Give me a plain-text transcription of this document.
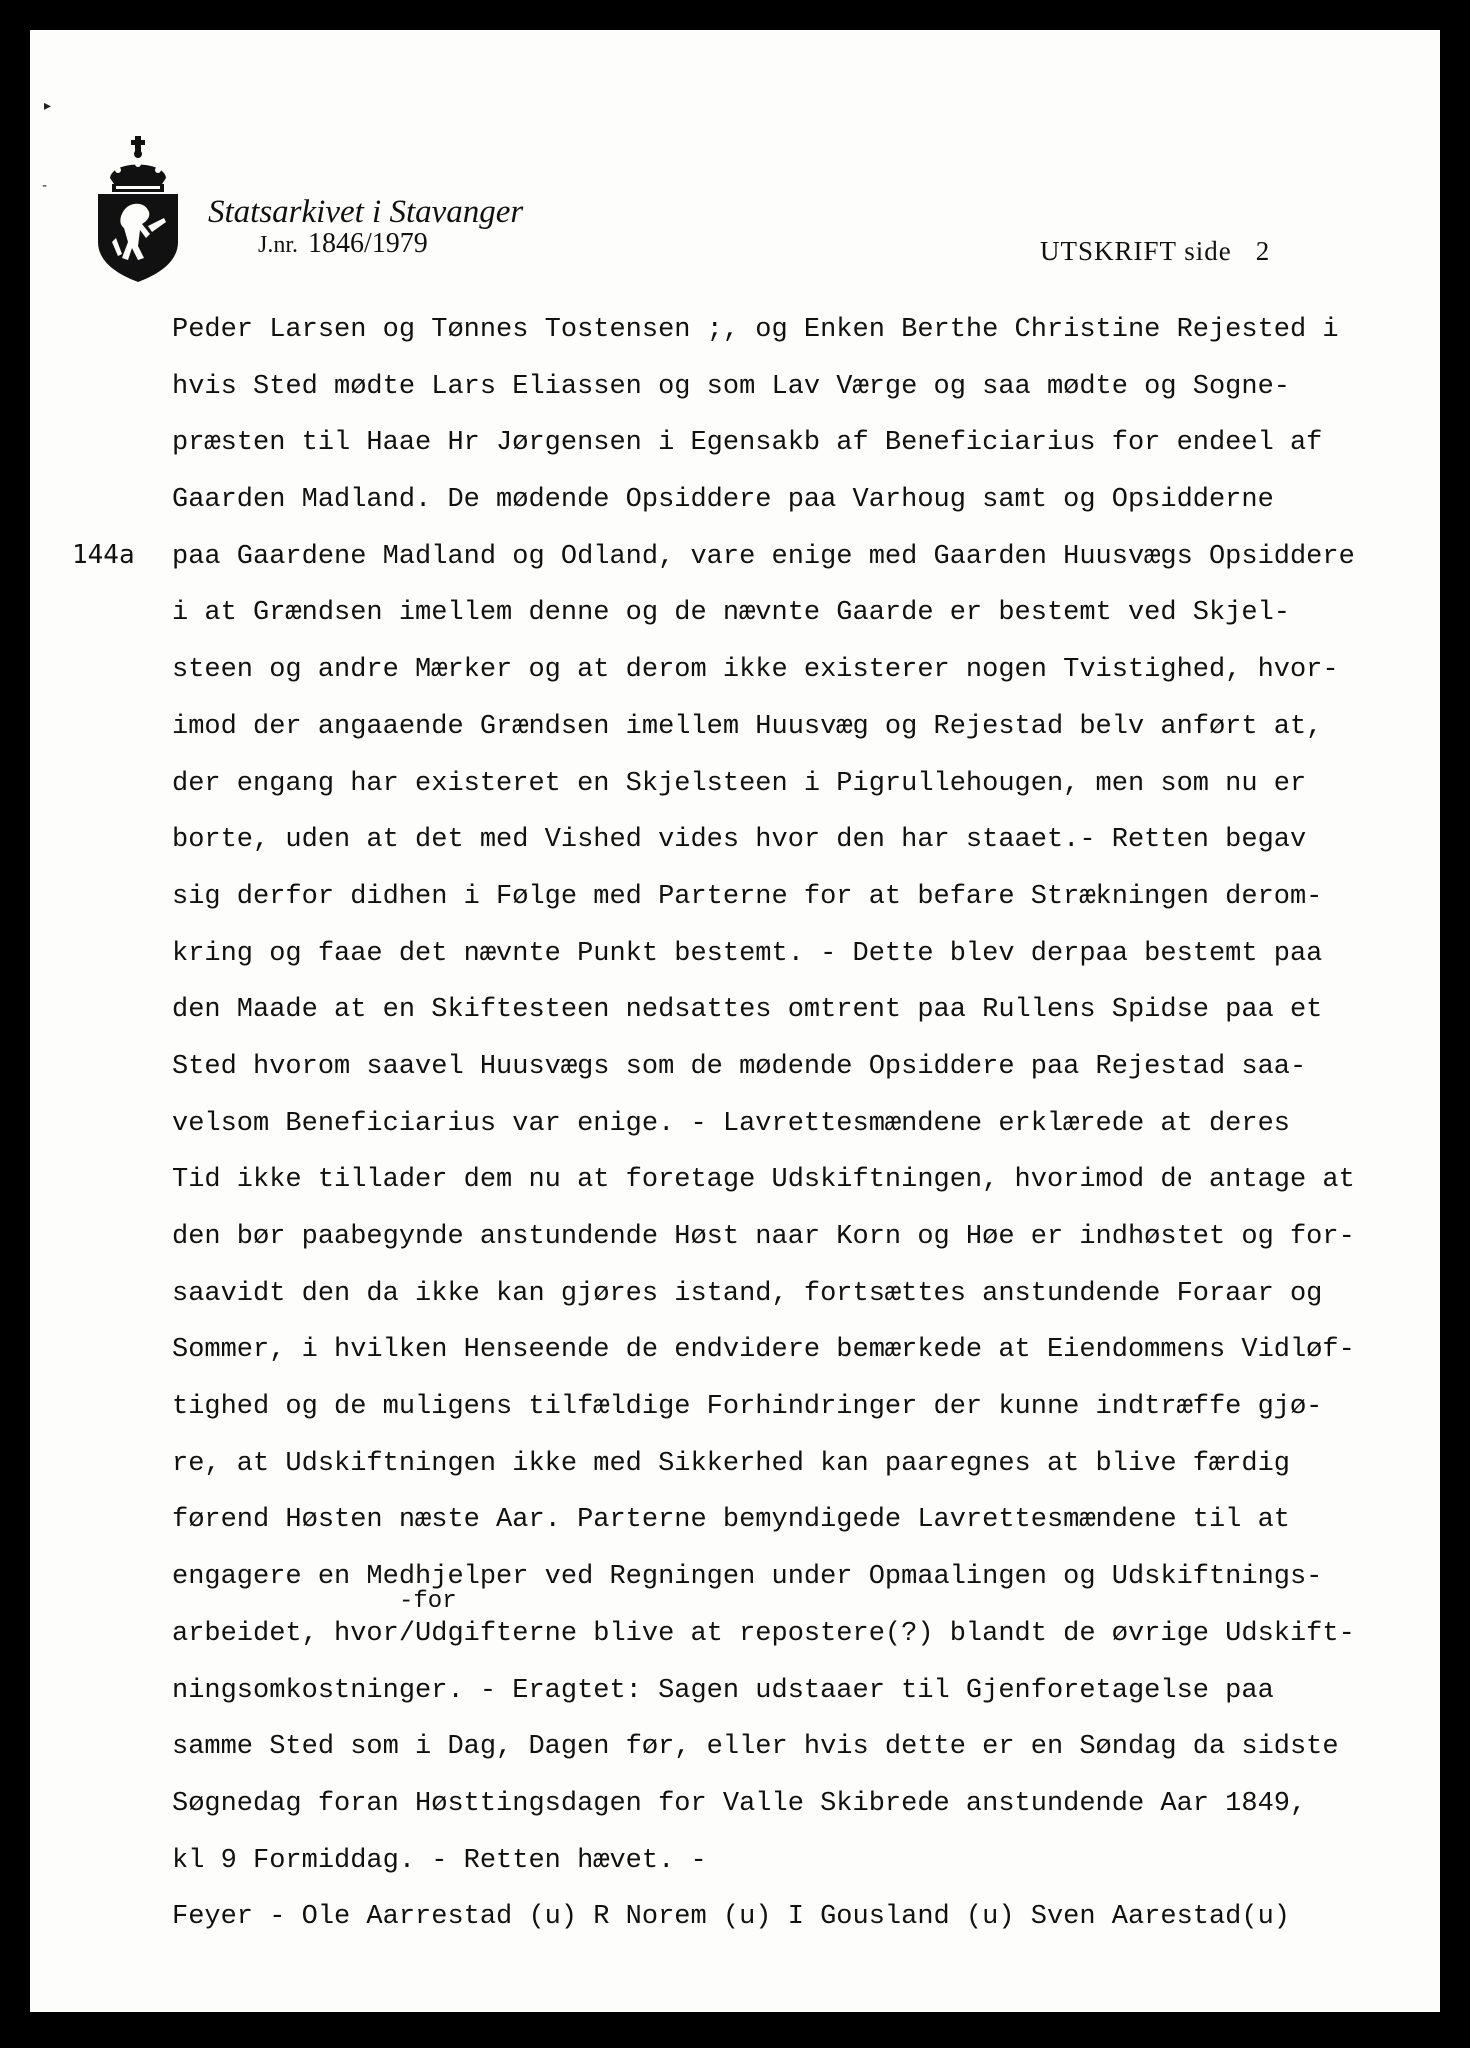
▸
-
Statsarkivet i Stavanger
J.nr. 1846/1979	UTSKRIFT side 2
144a
Peder Larsen og Tønnes Tostensen ;, og Enken Berthe Christine Rejested i
hvis Sted mødte Lars Eliassen og som Lav Værge og saa mødte og Sogne-
præsten til Haae Hr Jørgensen i Egensakb af Beneficiarius for endeel af
Gaarden Madland. De mødende Opsiddere paa Varhoug samt og Opsidderne
paa Gaardene Madland og Odland, vare enige med Gaarden Huusvægs Opsiddere
i at Grændsen imellem denne og de nævnte Gaarde er bestemt ved Skjel-
steen og andre Mærker og at derom ikke existerer nogen Tvistighed, hvor-
imod der angaaende Grændsen imellem Huusvæg og Rejestad belv anført at,
der engang har existeret en Skjelsteen i Pigrullehougen, men som nu er
borte, uden at det med Vished vides hvor den har staaet.- Retten begav
sig derfor didhen i Følge med Parterne for at befare Strækningen derom-
kring og faae det nævnte Punkt bestemt. - Dette blev derpaa bestemt paa
den Maade at en Skiftesteen nedsattes omtrent paa Rullens Spidse paa et
Sted hvorom saavel Huusvægs som de mødende Opsiddere paa Rejestad saa-
velsom Beneficiarius var enige. - Lavrettesmændene erklærede at deres
Tid ikke tillader dem nu at foretage Udskiftningen, hvorimod de antage at
den bør paabegynde anstundende Høst naar Korn og Høe er indhøstet og for-
saavidt den da ikke kan gjøres istand, fortsættes anstundende Foraar og
Sommer, i hvilken Henseende de endvidere bemærkede at Eiendommens Vidløf-
tighed og de muligens tilfældige Forhindringer der kunne indtræffe gjø-
re, at Udskiftningen ikke med Sikkerhed kan paaregnes at blive færdig
førend Høsten næste Aar. Parterne bemyndigede Lavrettesmændene til at
engagere en Medhjelper ved Regningen under Opmaalingen og Udskiftnings-
-for
arbeidet, hvor/Udgifterne blive at repostere(?) blandt de øvrige Udskift-
ningsomkostninger. - Eragtet: Sagen udstaaer til Gjenforetagelse paa
samme Sted som i Dag, Dagen før, eller hvis dette er en Søndag da sidste
Søgnedag foran Høsttingsdagen for Valle Skibrede anstundende Aar 1849,
kl 9 Formiddag. - Retten hævet. -
Feyer - Ole Aarrestad (u) R Norem (u) I Gousland (u) Sven Aarestad(u)
